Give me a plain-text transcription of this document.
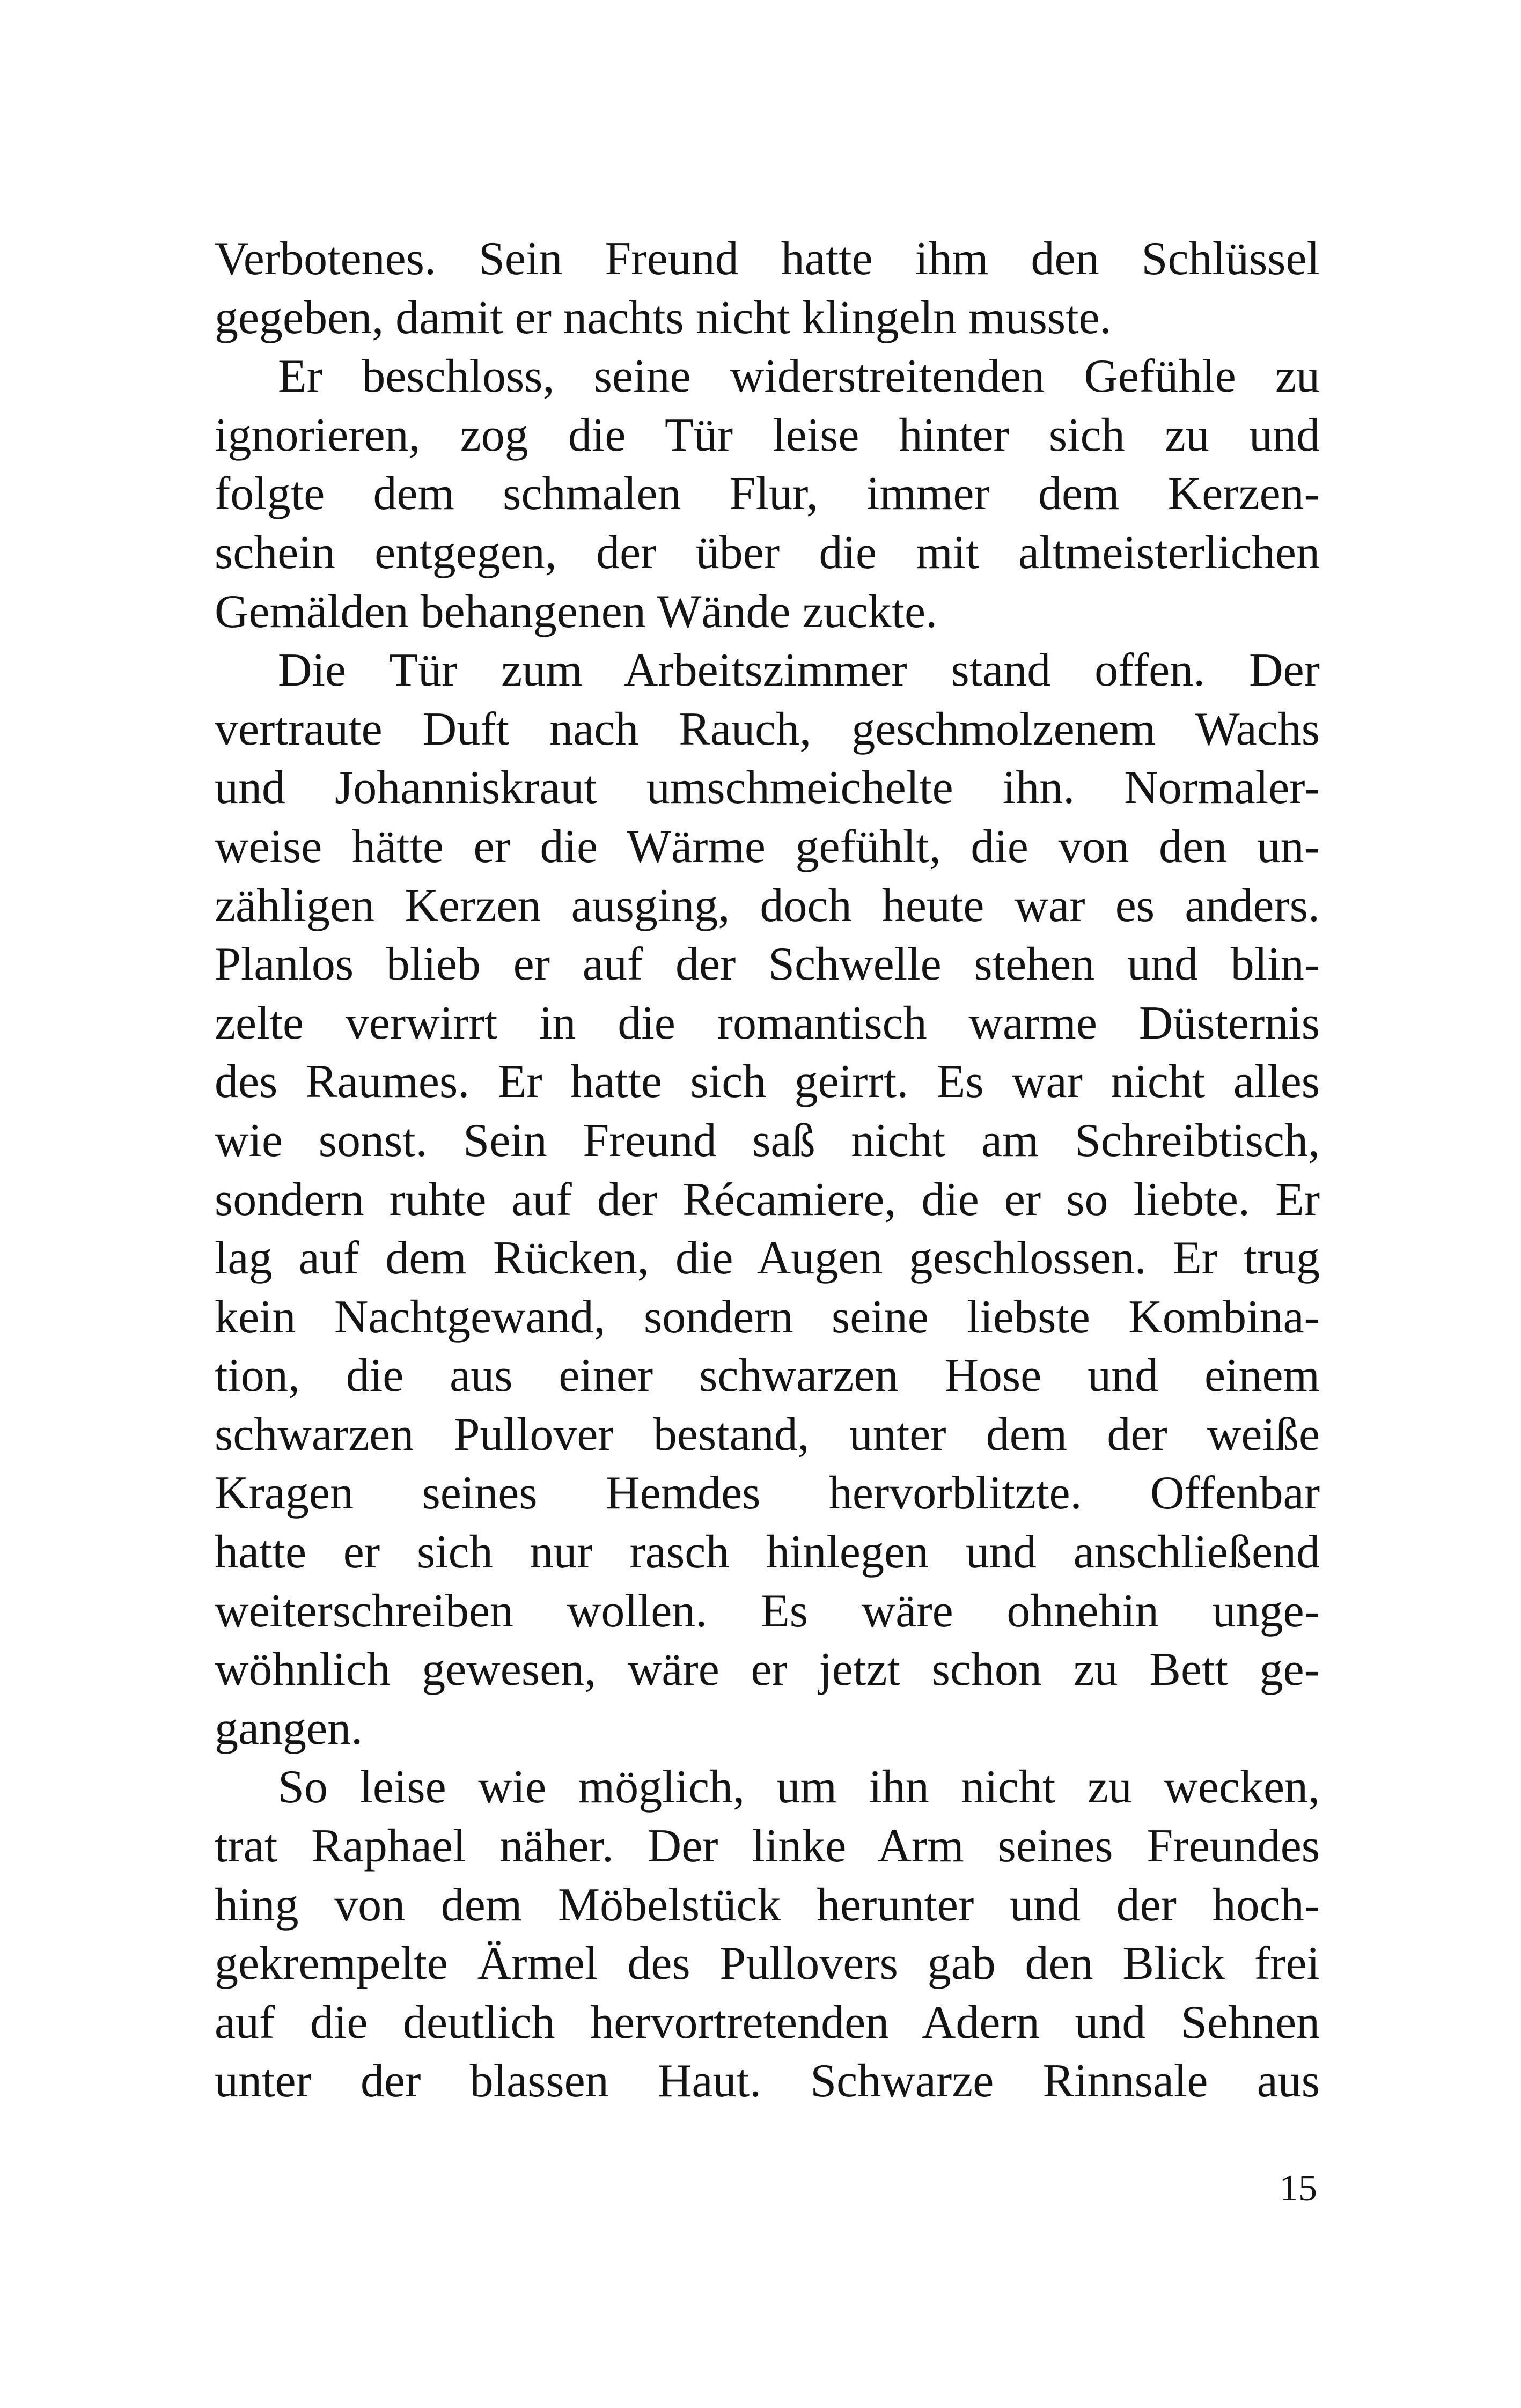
Verbotenes. Sein Freund hatte ihm den Schlüssel
gegeben, damit er nachts nicht klingeln musste.
Er beschloss, seine widerstreitenden Gefühle zu
ignorieren, zog die Tür leise hinter sich zu und
folgte dem schmalen Flur, immer dem Kerzen-
schein entgegen, der über die mit altmeisterlichen
Gemälden behangenen Wände zuckte.
Die Tür zum Arbeitszimmer stand offen. Der
vertraute Duft nach Rauch, geschmolzenem Wachs
und Johanniskraut umschmeichelte ihn. Normaler-
weise hätte er die Wärme gefühlt, die von den un-
zähligen Kerzen ausging, doch heute war es anders.
Planlos blieb er auf der Schwelle stehen und blin-
zelte verwirrt in die romantisch warme Düsternis
des Raumes. Er hatte sich geirrt. Es war nicht alles
wie sonst. Sein Freund saß nicht am Schreibtisch,
sondern ruhte auf der Récamiere, die er so liebte. Er
lag auf dem Rücken, die Augen geschlossen. Er trug
kein Nachtgewand, sondern seine liebste Kombina-
tion, die aus einer schwarzen Hose und einem
schwarzen Pullover bestand, unter dem der weiße
Kragen seines Hemdes hervorblitzte. Offenbar
hatte er sich nur rasch hinlegen und anschließend
weiterschreiben wollen. Es wäre ohnehin unge-
wöhnlich gewesen, wäre er jetzt schon zu Bett ge-
gangen.
So leise wie möglich, um ihn nicht zu wecken,
trat Raphael näher. Der linke Arm seines Freundes
hing von dem Möbelstück herunter und der hoch-
gekrempelte Ärmel des Pullovers gab den Blick frei
auf die deutlich hervortretenden Adern und Sehnen
unter der blassen Haut. Schwarze Rinnsale aus
15
